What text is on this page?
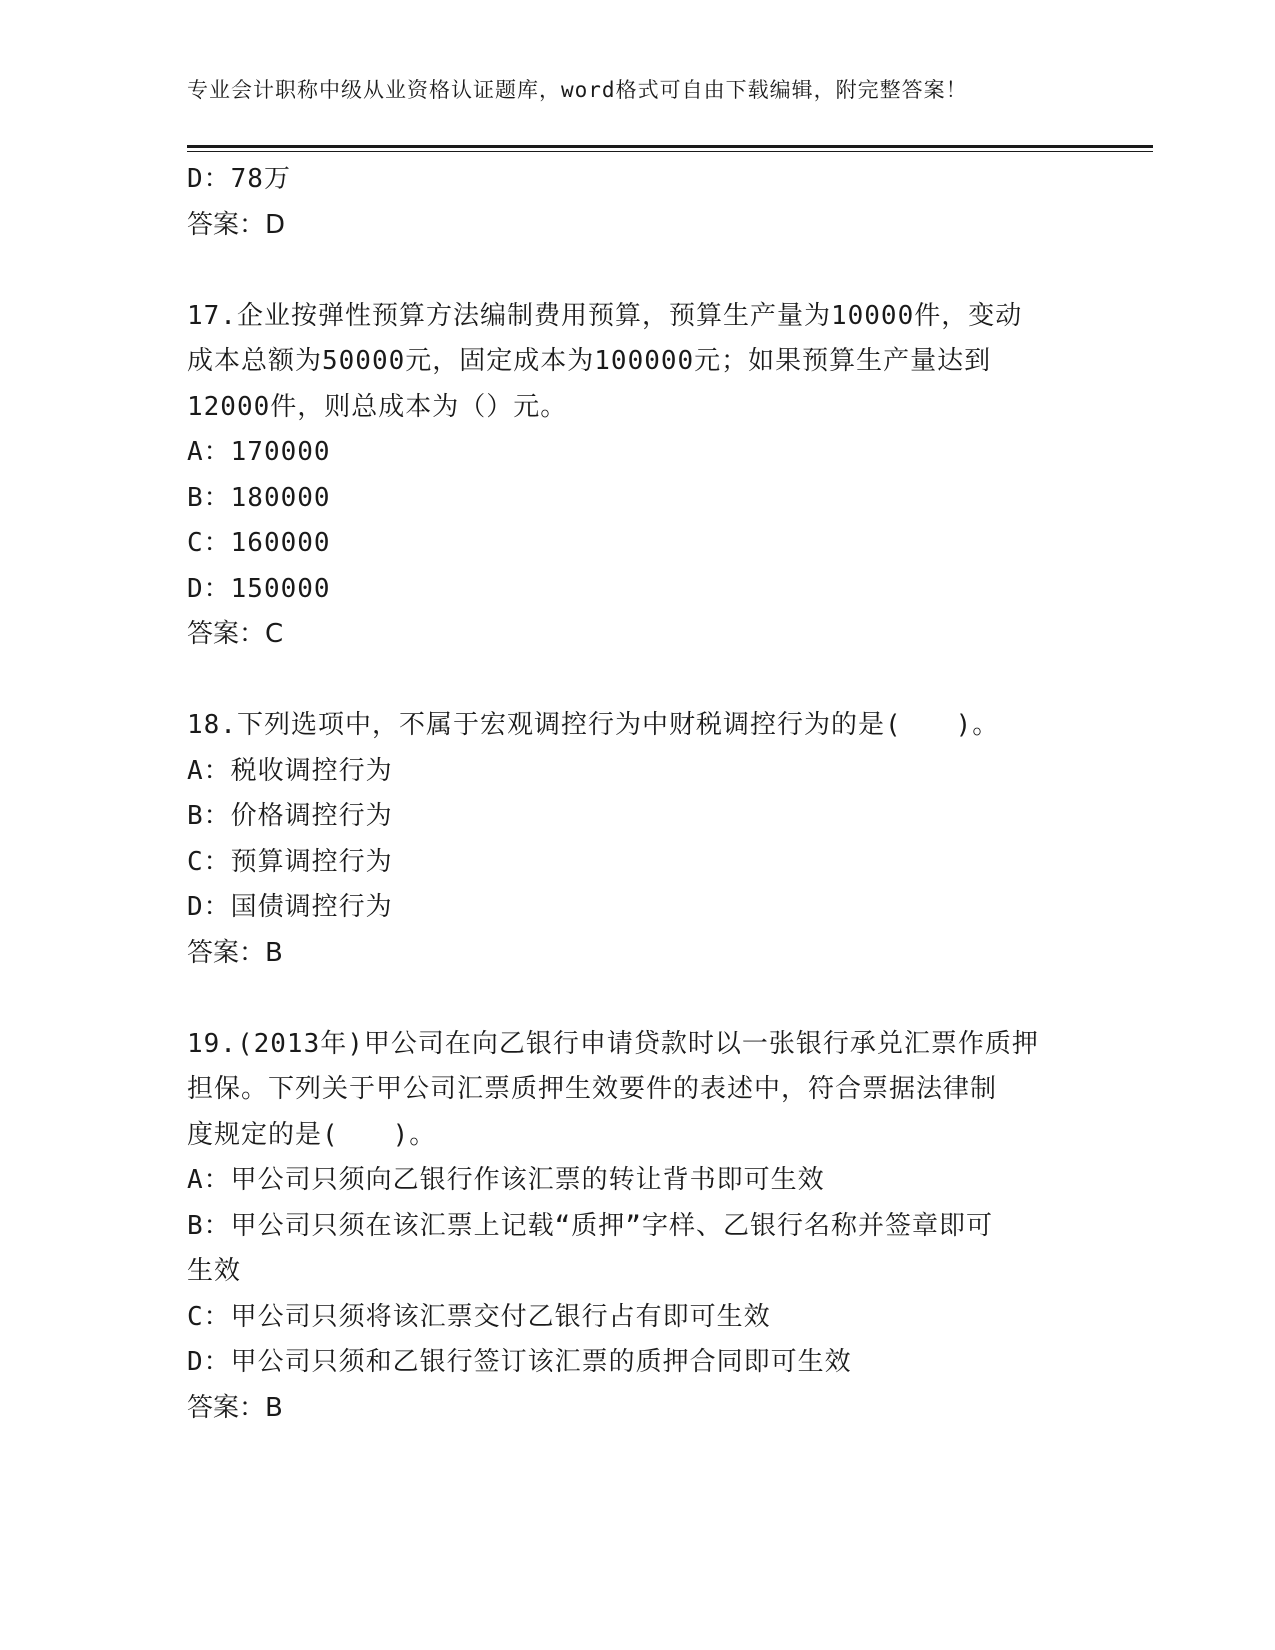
专业会计职称中级从业资格认证题库，word格式可自由下载编辑，附完整答案！
D：78万
答案：D
17.企业按弹性预算方法编制费用预算，预算生产量为10000件，变动
成本总额为50000元，固定成本为100000元；如果预算生产量达到
12000件，则总成本为（）元。
A：170000
B：180000
C：160000
D：150000
答案：C
18.下列选项中，不属于宏观调控行为中财税调控行为的是(　　)。
A：税收调控行为
B：价格调控行为
C：预算调控行为
D：国债调控行为
答案：B
19.(2013年)甲公司在向乙银行申请贷款时以一张银行承兑汇票作质押
担保。下列关于甲公司汇票质押生效要件的表述中，符合票据法律制
度规定的是(　　)。
A：甲公司只须向乙银行作该汇票的转让背书即可生效
B：甲公司只须在该汇票上记载“质押”字样、乙银行名称并签章即可
生效
C：甲公司只须将该汇票交付乙银行占有即可生效
D：甲公司只须和乙银行签订该汇票的质押合同即可生效
答案：B
